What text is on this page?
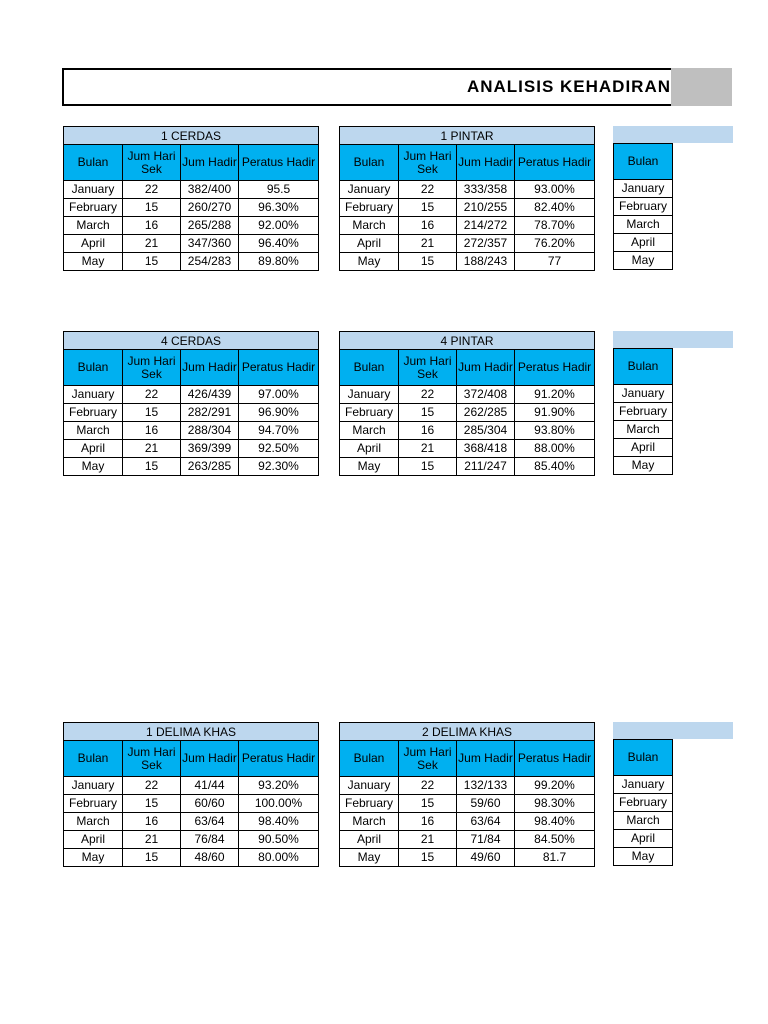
ANALISIS KEHADIRAN
1 CERDAS			
Bulan	Jum Hari Sek	Jum Hadir	Peratus Hadir
January	22	382/400	95.5
February	15	260/270	96.30%
March	16	265/288	92.00%
April	21	347/360	96.40%
May	15	254/283	89.80%
1 PINTAR			
Bulan	Jum Hari Sek	Jum Hadir	Peratus Hadir
January	22	333/358	93.00%
February	15	210/255	82.40%
March	16	214/272	78.70%
April	21	272/357	76.20%
May	15	188/243	77
4 CERDAS			
Bulan	Jum Hari Sek	Jum Hadir	Peratus Hadir
January	22	426/439	97.00%
February	15	282/291	96.90%
March	16	288/304	94.70%
April	21	369/399	92.50%
May	15	263/285	92.30%
4 PINTAR			
Bulan	Jum Hari Sek	Jum Hadir	Peratus Hadir
January	22	372/408	91.20%
February	15	262/285	91.90%
March	16	285/304	93.80%
April	21	368/418	88.00%
May	15	211/247	85.40%
1 DELIMA KHAS			
Bulan	Jum Hari Sek	Jum Hadir	Peratus Hadir
January	22	41/44	93.20%
February	15	60/60	100.00%
March	16	63/64	98.40%
April	21	76/84	90.50%
May	15	48/60	80.00%
2 DELIMA KHAS			
Bulan	Jum Hari Sek	Jum Hadir	Peratus Hadir
January	22	132/133	99.20%
February	15	59/60	98.30%
March	16	63/64	98.40%
April	21	71/84	84.50%
May	15	49/60	81.7
Bulan
January
February
March
April
May
Bulan
January
February
March
April
May
Bulan
January
February
March
April
May
